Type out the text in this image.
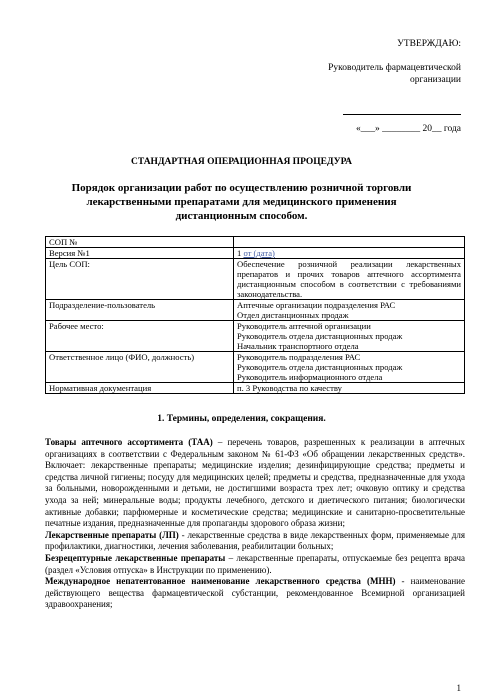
УТВЕРЖДАЮ:
Руководитель фармацевтической
организации
«___» ________ 20__ года
СТАНДАРТНАЯ ОПЕРАЦИОННАЯ ПРОЦЕДУРА
Порядок организации работ по осуществлению розничной торговли
лекарственными препаратами для медицинского применения
дистанционным способом.
СОП №	
Версия №1	1 от (дата)
Цель СОП:	Обеспечение розничной реализации лекарственных препаратов и прочих товаров аптечного ассортимента дистанционным способом в соответствии с требованиями законодательства.
Подразделение-пользователь	Аптечные организации подразделения РАС
Отдел дистанционных продаж

Рабочее место:	Руководитель аптечной организации
Руководитель отдела дистанционных продаж
Начальник транспортного отдела

Ответственное лицо (ФИО, должность)	Руководитель подразделения РАС
Руководитель отдела дистанционных продаж
Руководитель информационного отдела

Нормативная документация	п. 3 Руководства по качеству
1. Термины, определения, сокращения.

Товары аптечного ассортимента (ТАА) – перечень товаров, разрешенных к реализации в аптечных организациях в соответствии с Федеральным законом № 61-ФЗ «Об обращении лекарственных средств». Включает: лекарственные препараты; медицинские изделия; дезинфицирующие средства; предметы и средства личной гигиены; посуду для медицинских целей; предметы и средства, предназначенные для ухода за больными, новорожденными и детьми, не достигшими возраста трех лет; очковую оптику и средства ухода за ней; минеральные воды; продукты лечебного, детского и диетического питания; биологически активные добавки; парфюмерные и косметические средства; медицинские и санитарно-просветительные печатные издания, предназначенные для пропаганды здорового образа жизни;

Лекарственные препараты (ЛП) - лекарственные средства в виде лекарственных форм, применяемые для профилактики, диагностики, лечения заболевания, реабилитации больных;

Безрецептурные лекарственные препараты – лекарственные препараты, отпускаемые без рецепта врача (раздел «Условия отпуска» в Инструкции по применению).

Международное непатентованное наименование лекарственного средства (МНН) - наименование действующего вещества фармацевтической субстанции, рекомендованное Всемирной организацией здравоохранения;

1
